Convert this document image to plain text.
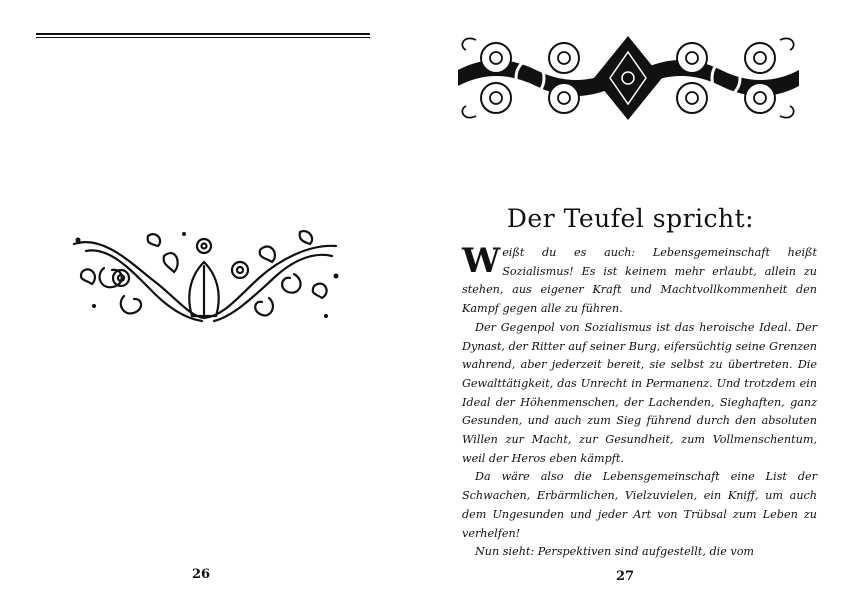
26
Der Teufel spricht:

Weißt du es auch: Lebensgemeinschaft heißt Sozialismus! Es ist keinem mehr erlaubt, allein zu stehen, aus eigener Kraft und Machtvollkommenheit den Kampf gegen alle zu führen.

Der Gegenpol von Sozialismus ist das heroische Ideal. Der Dynast, der Ritter auf seiner Burg, eifersüchtig seine Grenzen wahrend, aber jederzeit bereit, sie selbst zu übertreten. Die Gewalttätigkeit, das Unrecht in Permanenz. Und trotzdem ein Ideal der Höhenmenschen, der Lachenden, Sieghaften, ganz Gesunden, und auch zum Sieg führend durch den absoluten Willen zur Macht, zur Gesundheit, zum Vollmenschentum, weil der Heros eben kämpft.

Da wäre also die Lebensgemeinschaft eine List der Schwachen, Erbärmlichen, Vielzuvielen, ein Kniff, um auch dem Ungesunden und jeder Art von Trübsal zum Leben zu verhelfen!

Nun sieht: Perspektiven sind aufgestellt, die vom

27
